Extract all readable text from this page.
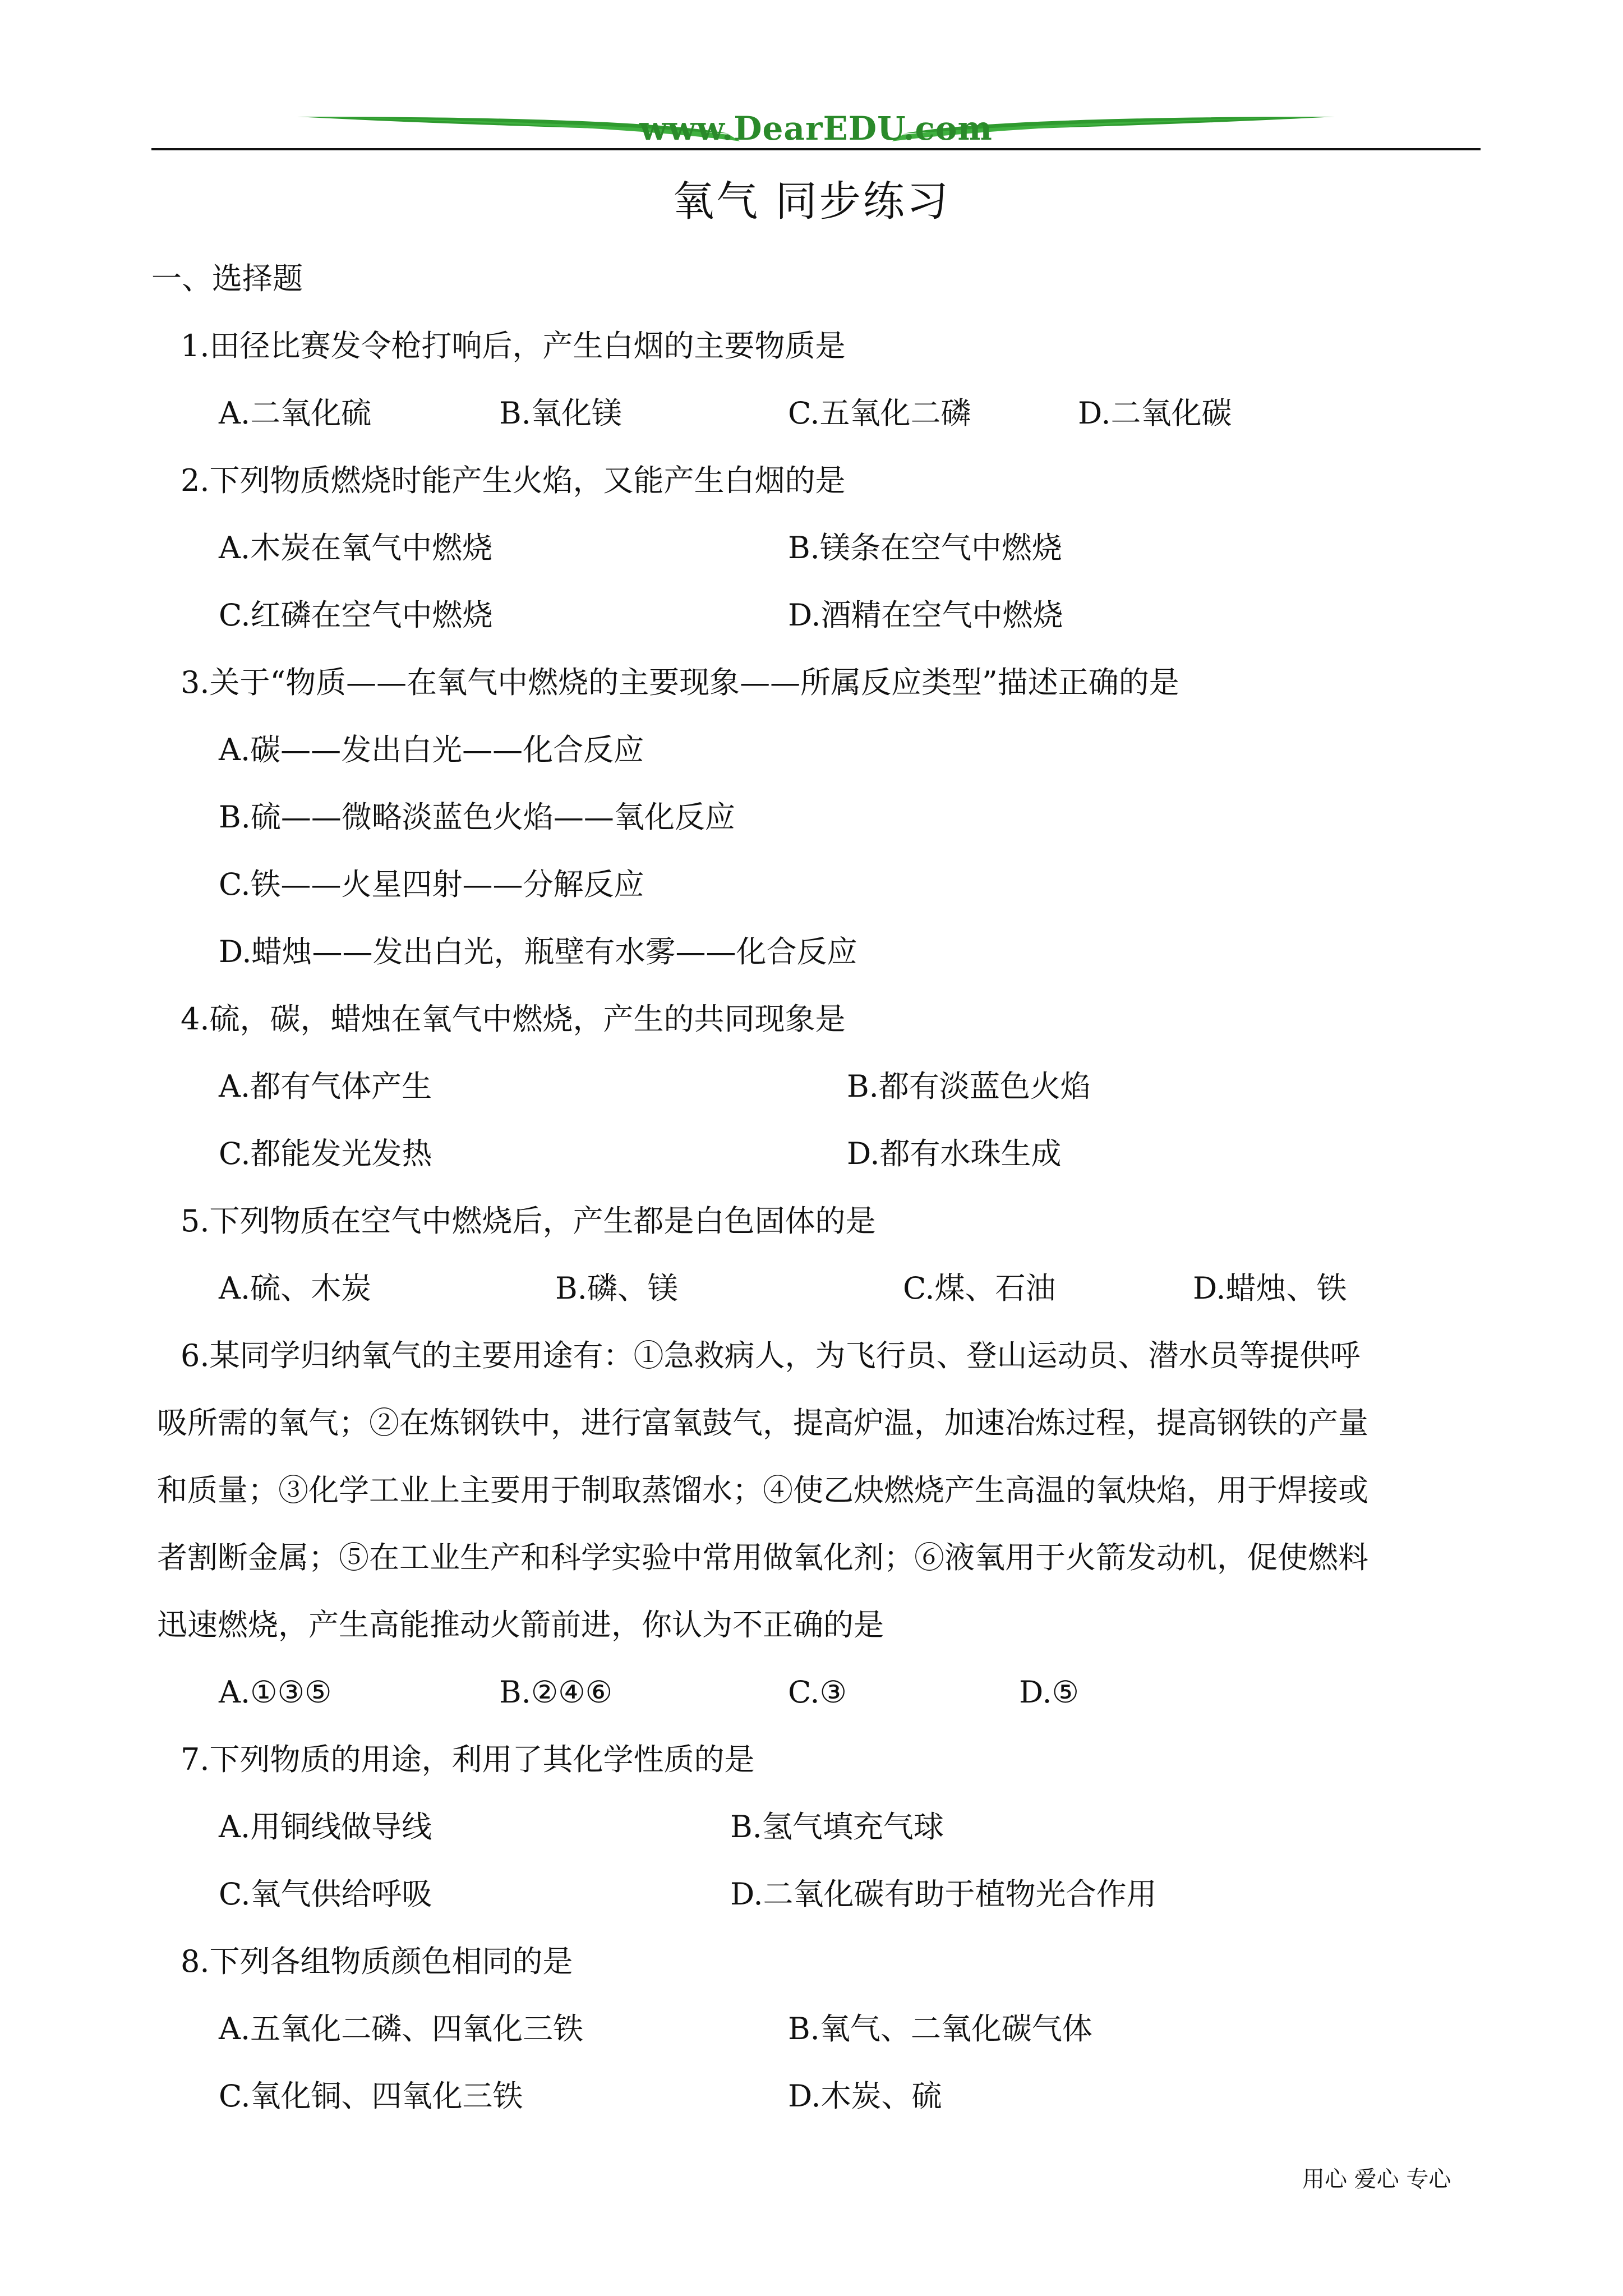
www.DearEDU.com
氧气 同步练习
一、选择题
1.田径比赛发令枪打响后，产生白烟的主要物质是
A.二氧化硫	B.氧化镁	C.五氧化二磷	D.二氧化碳
2.下列物质燃烧时能产生火焰，又能产生白烟的是
A.木炭在氧气中燃烧	B.镁条在空气中燃烧
C.红磷在空气中燃烧	D.酒精在空气中燃烧
3.关于“物质——在氧气中燃烧的主要现象——所属反应类型”描述正确的是
A.碳——发出白光——化合反应
B.硫——微略淡蓝色火焰——氧化反应
C.铁——火星四射——分解反应
D.蜡烛——发出白光，瓶壁有水雾——化合反应
4.硫，碳，蜡烛在氧气中燃烧，产生的共同现象是
A.都有气体产生	B.都有淡蓝色火焰
C.都能发光发热	D.都有水珠生成
5.下列物质在空气中燃烧后，产生都是白色固体的是
A.硫、木炭	B.磷、镁	C.煤、石油	D.蜡烛、铁
6.某同学归纳氧气的主要用途有：①急救病人，为飞行员、登山运动员、潜水员等提供呼
吸所需的氧气；②在炼钢铁中，进行富氧鼓气，提高炉温，加速冶炼过程，提高钢铁的产量
和质量；③化学工业上主要用于制取蒸馏水；④使乙炔燃烧产生高温的氧炔焰，用于焊接或
者割断金属；⑤在工业生产和科学实验中常用做氧化剂；⑥液氧用于火箭发动机，促使燃料
迅速燃烧，产生高能推动火箭前进，你认为不正确的是
A.①③⑤	B.②④⑥	C.③	D.⑤
7.下列物质的用途，利用了其化学性质的是
A.用铜线做导线	B.氢气填充气球
C.氧气供给呼吸	D.二氧化碳有助于植物光合作用
8.下列各组物质颜色相同的是
A.五氧化二磷、四氧化三铁	B.氧气、二氧化碳气体
C.氧化铜、四氧化三铁	D.木炭、硫
用心 爱心 专心
